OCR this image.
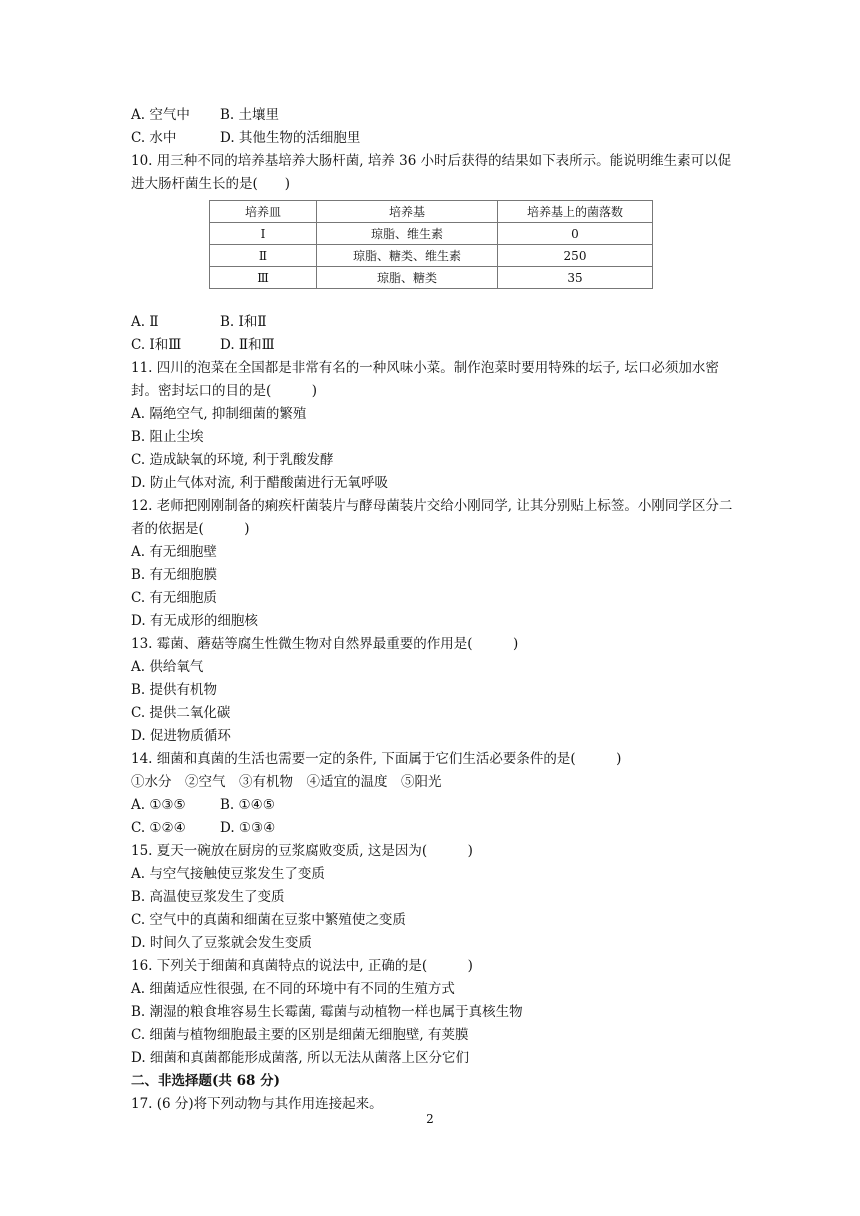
A. 空气中	B. 土壤里
C. 水中	D. 其他生物的活细胞里
10. 用三种不同的培养基培养大肠杆菌, 培养 36 小时后获得的结果如下表所示。能说明维生素可以促进大肠杆菌生长的是(　　)
培养皿	培养基	培养基上的菌落数
Ⅰ	琼脂、维生素	0
Ⅱ	琼脂、糖类、维生素	250
Ⅲ	琼脂、糖类	35
A. Ⅱ	B. Ⅰ和Ⅱ
C. Ⅰ和Ⅲ	D. Ⅱ和Ⅲ
11. 四川的泡菜在全国都是非常有名的一种风味小菜。制作泡菜时要用特殊的坛子, 坛口必须加水密封。密封坛口的目的是(　　　)
A. 隔绝空气, 抑制细菌的繁殖
B. 阻止尘埃
C. 造成缺氧的环境, 利于乳酸发酵
D. 防止气体对流, 利于醋酸菌进行无氧呼吸
12. 老师把刚刚制备的痢疾杆菌装片与酵母菌装片交给小刚同学, 让其分别贴上标签。小刚同学区分二者的依据是(　　　)
A. 有无细胞壁
B. 有无细胞膜
C. 有无细胞质
D. 有无成形的细胞核
13. 霉菌、蘑菇等腐生性微生物对自然界最重要的作用是(　　　)
A. 供给氧气
B. 提供有机物
C. 提供二氧化碳
D. 促进物质循环
14. 细菌和真菌的生活也需要一定的条件, 下面属于它们生活必要条件的是(　　　)
①水分　②空气　③有机物　④适宜的温度　⑤阳光
A. ①③⑤	B. ①④⑤
C. ①②④	D. ①③④
15. 夏天一碗放在厨房的豆浆腐败变质, 这是因为(　　　)
A. 与空气接触使豆浆发生了变质
B. 高温使豆浆发生了变质
C. 空气中的真菌和细菌在豆浆中繁殖使之变质
D. 时间久了豆浆就会发生变质
16. 下列关于细菌和真菌特点的说法中, 正确的是(　　　)
A. 细菌适应性很强, 在不同的环境中有不同的生殖方式
B. 潮湿的粮食堆容易生长霉菌, 霉菌与动植物一样也属于真核生物
C. 细菌与植物细胞最主要的区别是细菌无细胞壁, 有荚膜
D. 细菌和真菌都能形成菌落, 所以无法从菌落上区分它们
二、非选择题(共 68 分)
17. (6 分)将下列动物与其作用连接起来。
2
